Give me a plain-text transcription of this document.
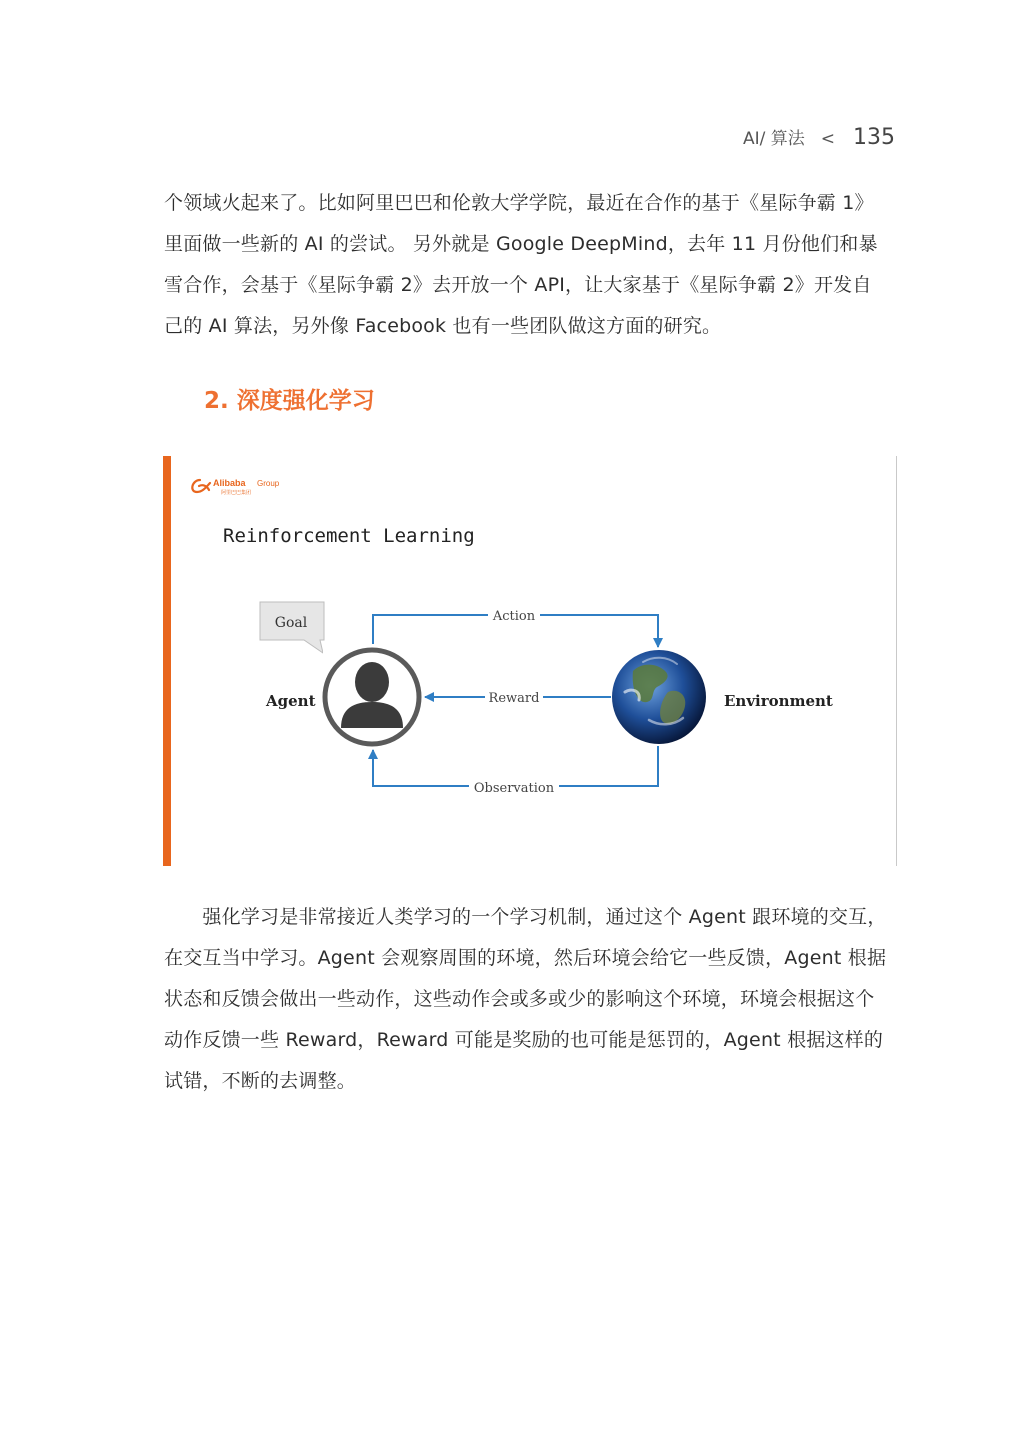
AI/ 算法 < 135

个领域火起来了。比如阿里巴巴和伦敦大学学院，最近在合作的基于《星际争霸 1》
里面做一些新的 AI 的尝试。 另外就是 Google DeepMind，去年 11 月份他们和暴
雪合作，会基于《星际争霸 2》去开放一个 API，让大家基于《星际争霸 2》开发自
己的 AI 算法，另外像 Facebook 也有一些团队做这方面的研究。

2. 深度强化学习
Alibaba Group
阿里巴巴集团
Reinforcement Learning
Action
Reward
Observation
Goal
Agent	Environment

　　强化学习是非常接近人类学习的一个学习机制，通过这个 Agent 跟环境的交互，
在交互当中学习。Agent 会观察周围的环境，然后环境会给它一些反馈，Agent 根据
状态和反馈会做出一些动作，这些动作会或多或少的影响这个环境，环境会根据这个
动作反馈一些 Reward，Reward 可能是奖励的也可能是惩罚的，Agent 根据这样的
试错，不断的去调整。
